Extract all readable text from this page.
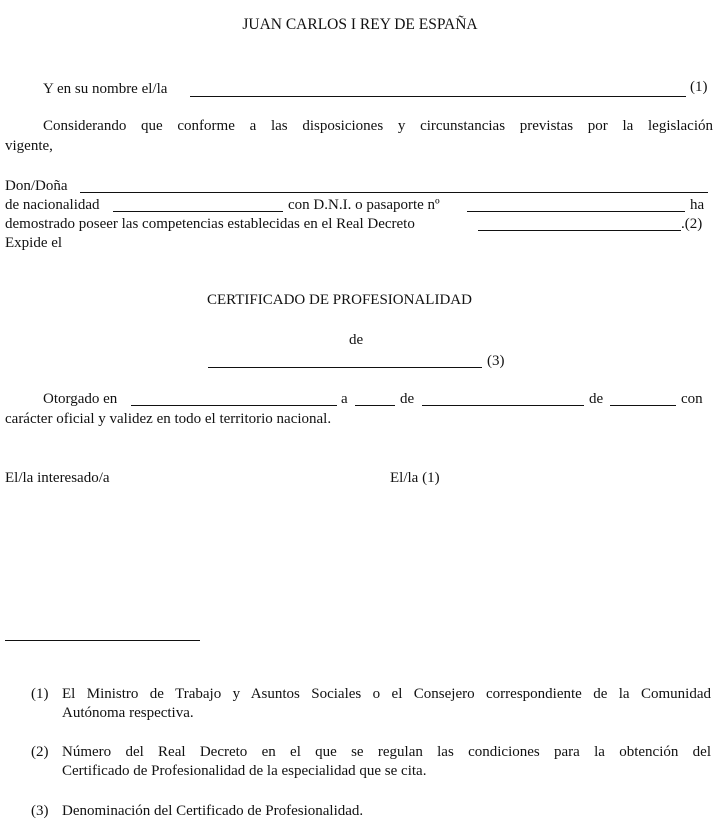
JUAN CARLOS I REY DE ESPAÑA
Y en su nombre el/la	(1)
Considerando que conforme a las disposiciones y circunstancias previstas por la legislación
vigente,
Don/Doña
de nacionalidad	con D.N.I. o pasaporte nº	ha
demostrado poseer las competencias establecidas en el Real Decreto	.(2)
Expide el
CERTIFICADO DE PROFESIONALIDAD
de
(3)
Otorgado en	a	de	de	con
carácter oficial y validez en todo el territorio nacional.
El/la interesado/a	El/la (1)
(1) El Ministro de Trabajo y Asuntos Sociales o el Consejero correspondiente de la Comunidad
Autónoma respectiva.
(2) Número del Real Decreto en el que se regulan las condiciones para la obtención del
Certificado de Profesionalidad de la especialidad que se cita.
(3) Denominación del Certificado de Profesionalidad.
